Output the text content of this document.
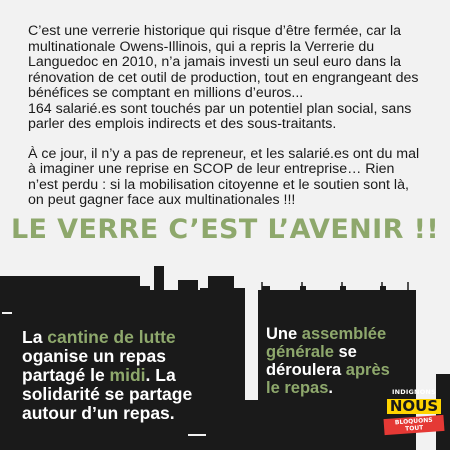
C’est une verrerie historique qui risque d’être fermée, car la multinationale Owens-Illinois, qui a repris la Verrerie du Languedoc en 2010, n’a jamais investi un seul euro dans la rénovation de cet outil de production, tout en engrangeant des bénéfices se comptant en millions d’euros...
164 salarié.es sont touchés par un potentiel plan social, sans parler des emplois indirects et des sous-traitants.

À ce jour, il n’y a pas de repreneur, et les salarié.es ont du mal à imaginer une reprise en SCOP de leur entreprise… Rien n’est perdu : si la mobilisation citoyenne et le soutien sont là, on peut gagner face aux multinationales !!!

LE VERRE C’EST L’AVENIR !!
La cantine de lutte oganise un repas partagé le midi. La solidarité se partage autour d’un repas.
Une assemblée générale se déroulera après le repas.	INDIGNONS
NOUS
BLOQUONS TOUT
